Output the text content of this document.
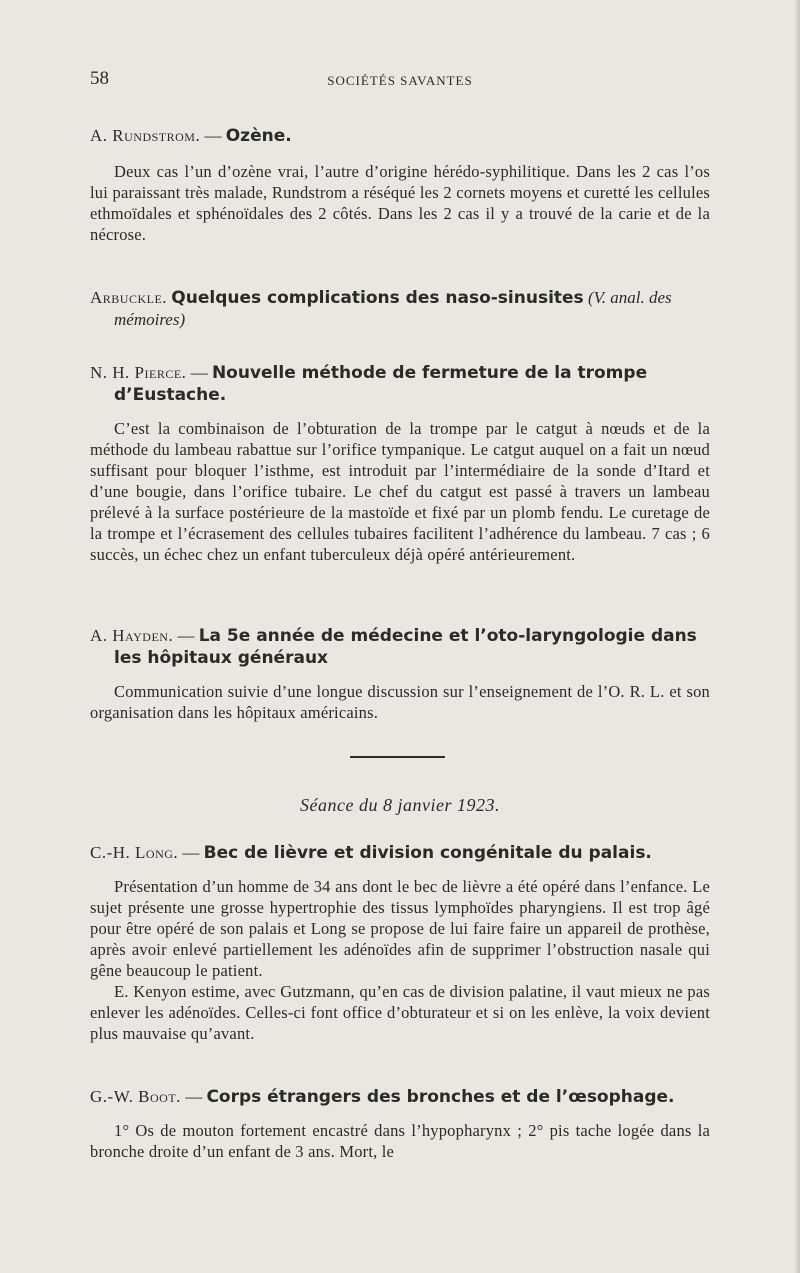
58	SOCIÉTÉS SAVANTES
A. Rundstrom. — Ozène.

Deux cas l’un d’ozène vrai, l’autre d’origine hérédo-syphilitique. Dans les 2 cas l’os lui paraissant très malade, Rundstrom a réséqué les 2 cornets moyens et curetté les cellules ethmoïdales et sphénoïdales des 2 côtés. Dans les 2 cas il y a trouvé de la carie et de la nécrose.

Arbuckle. Quelques complications des naso-sinusites (V. anal. des mémoires)
N. H. Pierce. — Nouvelle méthode de fermeture de la trompe d’Eustache.

C’est la combinaison de l’obturation de la trompe par le catgut à nœuds et de la méthode du lambeau rabattue sur l’orifice tympanique. Le catgut auquel on a fait un nœud suffisant pour bloquer l’isthme, est introduit par l’intermédiaire de la sonde d’Itard et d’une bougie, dans l’orifice tubaire. Le chef du catgut est passé à travers un lambeau prélevé à la surface postérieure de la mastoïde et fixé par un plomb fendu. Le curetage de la trompe et l’écrasement des cellules tubaires facilitent l’adhérence du lambeau. 7 cas ; 6 succès, un échec chez un enfant tuberculeux déjà opéré antérieurement.

A. Hayden. — La 5e année de médecine et l’oto-laryngologie dans les hôpitaux généraux

Communication suivie d’une longue discussion sur l’enseignement de l’O. R. L. et son organisation dans les hôpitaux américains.

Séance du 8 janvier 1923.
C.-H. Long. — Bec de lièvre et division congénitale du palais.

Présentation d’un homme de 34 ans dont le bec de lièvre a été opéré dans l’enfance. Le sujet présente une grosse hypertrophie des tissus lymphoïdes pharyngiens. Il est trop âgé pour être opéré de son palais et Long se propose de lui faire faire un appareil de prothèse, après avoir enlevé partiellement les adénoïdes afin de supprimer l’obstruction nasale qui gêne beaucoup le patient.

E. Kenyon estime, avec Gutzmann, qu’en cas de division palatine, il vaut mieux ne pas enlever les adénoïdes. Celles-ci font office d’obturateur et si on les enlève, la voix devient plus mauvaise qu’avant.

G.-W. Boot. — Corps étrangers des bronches et de l’œsophage.

1° Os de mouton fortement encastré dans l’hypopharynx ; 2° pis tache logée dans la bronche droite d’un enfant de 3 ans. Mort, le
